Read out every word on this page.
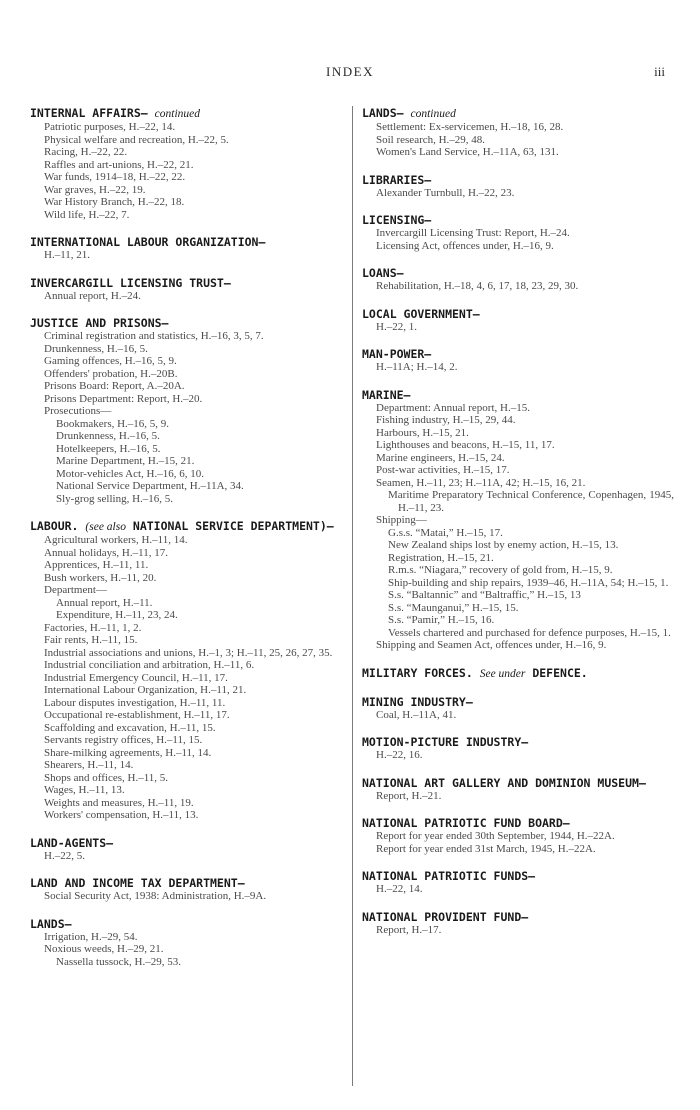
INDEX	iii
INTERNAL AFFAIRS— continued
Patriotic purposes, H.–22, 14.
Physical welfare and recreation, H.–22, 5.
Racing, H.–22, 22.
Raffles and art-unions, H.–22, 21.
War funds, 1914–18, H.–22, 22.
War graves, H.–22, 19.
War History Branch, H.–22, 18.
Wild life, H.–22, 7.
INTERNATIONAL LABOUR ORGANIZATION—
H.–11, 21.
INVERCARGILL LICENSING TRUST—
Annual report, H.–24.
JUSTICE AND PRISONS—
Criminal registration and statistics, H.–16, 3, 5, 7.
Drunkenness, H.–16, 5.
Gaming offences, H.–16, 5, 9.
Offenders' probation, H.–20B.
Prisons Board: Report, A.–20A.
Prisons Department: Report, H.–20.
Prosecutions—
Bookmakers, H.–16, 5, 9.
Drunkenness, H.–16, 5.
Hotelkeepers, H.–16, 5.
Marine Department, H.–15, 21.
Motor-vehicles Act, H.–16, 6, 10.
National Service Department, H.–11A, 34.
Sly-grog selling, H.–16, 5.
LABOUR. (see also NATIONAL SERVICE DEPARTMENT)—
Agricultural workers, H.–11, 14.
Annual holidays, H.–11, 17.
Apprentices, H.–11, 11.
Bush workers, H.–11, 20.
Department—
Annual report, H.–11.
Expenditure, H.–11, 23, 24.
Factories, H.–11, 1, 2.
Fair rents, H.–11, 15.
Industrial associations and unions, H.–1, 3; H.–11, 25, 26, 27, 35.
Industrial conciliation and arbitration, H.–11, 6.
Industrial Emergency Council, H.–11, 17.
International Labour Organization, H.–11, 21.
Labour disputes investigation, H.–11, 11.
Occupational re-establishment, H.–11, 17.
Scaffolding and excavation, H.–11, 15.
Servants registry offices, H.–11, 15.
Share-milking agreements, H.–11, 14.
Shearers, H.–11, 14.
Shops and offices, H.–11, 5.
Wages, H.–11, 13.
Weights and measures, H.–11, 19.
Workers' compensation, H.–11, 13.
LAND-AGENTS—
H.–22, 5.
LAND AND INCOME TAX DEPARTMENT—
Social Security Act, 1938: Administration, H.–9A.
LANDS—
Irrigation, H.–29, 54.
Noxious weeds, H.–29, 21.
Nassella tussock, H.–29, 53.
LANDS— continued
Settlement: Ex-servicemen, H.–18, 16, 28.
Soil research, H.–29, 48.
Women's Land Service, H.–11A, 63, 131.
LIBRARIES—
Alexander Turnbull, H.–22, 23.
LICENSING—
Invercargill Licensing Trust: Report, H.–24.
Licensing Act, offences under, H.–16, 9.
LOANS—
Rehabilitation, H.–18, 4, 6, 17, 18, 23, 29, 30.
LOCAL GOVERNMENT—
H.–22, 1.
MAN-POWER—
H.–11A; H.–14, 2.
MARINE—
Department: Annual report, H.–15.
Fishing industry, H.–15, 29, 44.
Harbours, H.–15, 21.
Lighthouses and beacons, H.–15, 11, 17.
Marine engineers, H.–15, 24.
Post-war activities, H.–15, 17.
Seamen, H.–11, 23; H.–11A, 42; H.–15, 16, 21.
Maritime Preparatory Technical Conference, Copenhagen, 1945, H.–11, 23.
Shipping—
G.s.s. “Matai,” H.–15, 17.
New Zealand ships lost by enemy action, H.–15, 13.
Registration, H.–15, 21.
R.m.s. “Niagara,” recovery of gold from, H.–15, 9.
Ship-building and ship repairs, 1939–46, H.–11A, 54; H.–15, 1.
S.s. “Baltannic” and “Baltraffic,” H.–15, 13
S.s. “Maunganui,” H.–15, 15.
S.s. “Pamir,” H.–15, 16.
Vessels chartered and purchased for defence purposes, H.–15, 1.
Shipping and Seamen Act, offences under, H.–16, 9.
MILITARY FORCES. See under DEFENCE.
MINING INDUSTRY—
Coal, H.–11A, 41.
MOTION-PICTURE INDUSTRY—
H.–22, 16.
NATIONAL ART GALLERY AND DOMINION MUSEUM—
Report, H.–21.
NATIONAL PATRIOTIC FUND BOARD—
Report for year ended 30th September, 1944, H.–22A.
Report for year ended 31st March, 1945, H.–22A.
NATIONAL PATRIOTIC FUNDS—
H.–22, 14.
NATIONAL PROVIDENT FUND—
Report, H.–17.
